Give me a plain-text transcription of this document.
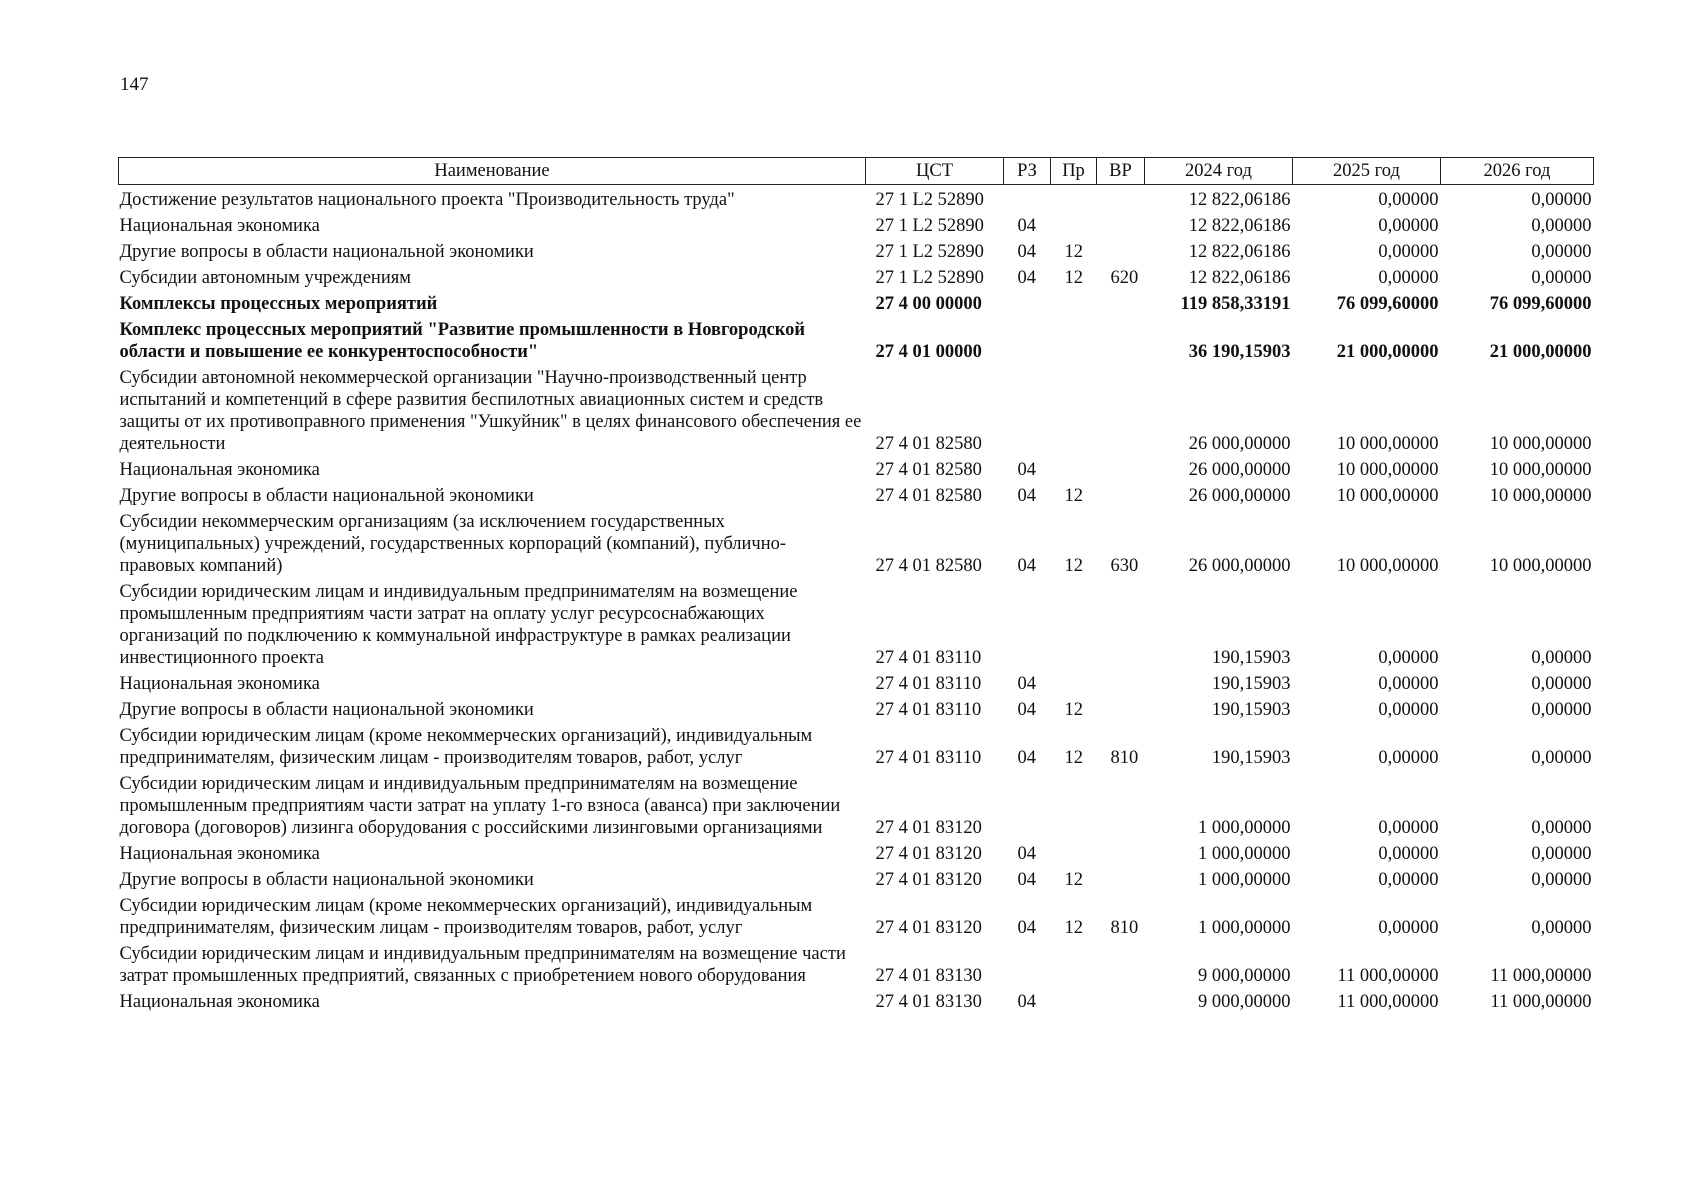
147
Наименование	ЦСТ	РЗ	Пр	ВР	2024 год	2025 год	2026 год
Достижение результатов национального проекта "Производительность труда"	27 1 L2 52890				12 822,06186	0,00000	0,00000
Национальная экономика	27 1 L2 52890	04			12 822,06186	0,00000	0,00000
Другие вопросы в области национальной экономики	27 1 L2 52890	04	12		12 822,06186	0,00000	0,00000
Субсидии автономным учреждениям	27 1 L2 52890	04	12	620	12 822,06186	0,00000	0,00000
Комплексы процессных мероприятий	27 4 00 00000				119 858,33191	76 099,60000	76 099,60000
Комплекс процессных мероприятий "Развитие промышленности в Новгородской области и повышение ее конкурентоспособности"	27 4 01 00000				36 190,15903	21 000,00000	21 000,00000
Субсидии автономной некоммерческой организации "Научно-производственный центр испытаний и компетенций в сфере развития беспилотных авиационных систем и средств защиты от их противоправного применения "Ушкуйник" в целях финансового обеспечения ее деятельности	27 4 01 82580				26 000,00000	10 000,00000	10 000,00000
Национальная экономика	27 4 01 82580	04			26 000,00000	10 000,00000	10 000,00000
Другие вопросы в области национальной экономики	27 4 01 82580	04	12		26 000,00000	10 000,00000	10 000,00000
Субсидии некоммерческим организациям (за исключением государственных (муниципальных) учреждений, государственных корпораций (компаний), публично-правовых компаний)	27 4 01 82580	04	12	630	26 000,00000	10 000,00000	10 000,00000
Субсидии юридическим лицам и индивидуальным предпринимателям на возмещение промышленным предприятиям части затрат на оплату услуг ресурсоснабжающих организаций по подключению к коммунальной инфраструктуре в рамках реализации инвестиционного проекта	27 4 01 83110				190,15903	0,00000	0,00000
Национальная экономика	27 4 01 83110	04			190,15903	0,00000	0,00000
Другие вопросы в области национальной экономики	27 4 01 83110	04	12		190,15903	0,00000	0,00000
Субсидии юридическим лицам (кроме некоммерческих организаций), индивидуальным предпринимателям, физическим лицам - производителям товаров, работ, услуг	27 4 01 83110	04	12	810	190,15903	0,00000	0,00000
Субсидии юридическим лицам и индивидуальным предпринимателям на возмещение промышленным предприятиям части затрат на уплату 1-го взноса (аванса) при заключении договора (договоров) лизинга оборудования с российскими лизинговыми организациями	27 4 01 83120				1 000,00000	0,00000	0,00000
Национальная экономика	27 4 01 83120	04			1 000,00000	0,00000	0,00000
Другие вопросы в области национальной экономики	27 4 01 83120	04	12		1 000,00000	0,00000	0,00000
Субсидии юридическим лицам (кроме некоммерческих организаций), индивидуальным предпринимателям, физическим лицам - производителям товаров, работ, услуг	27 4 01 83120	04	12	810	1 000,00000	0,00000	0,00000
Субсидии юридическим лицам и индивидуальным предпринимателям на возмещение части затрат промышленных предприятий, связанных с приобретением нового оборудования	27 4 01 83130				9 000,00000	11 000,00000	11 000,00000
Национальная экономика	27 4 01 83130	04			9 000,00000	11 000,00000	11 000,00000
